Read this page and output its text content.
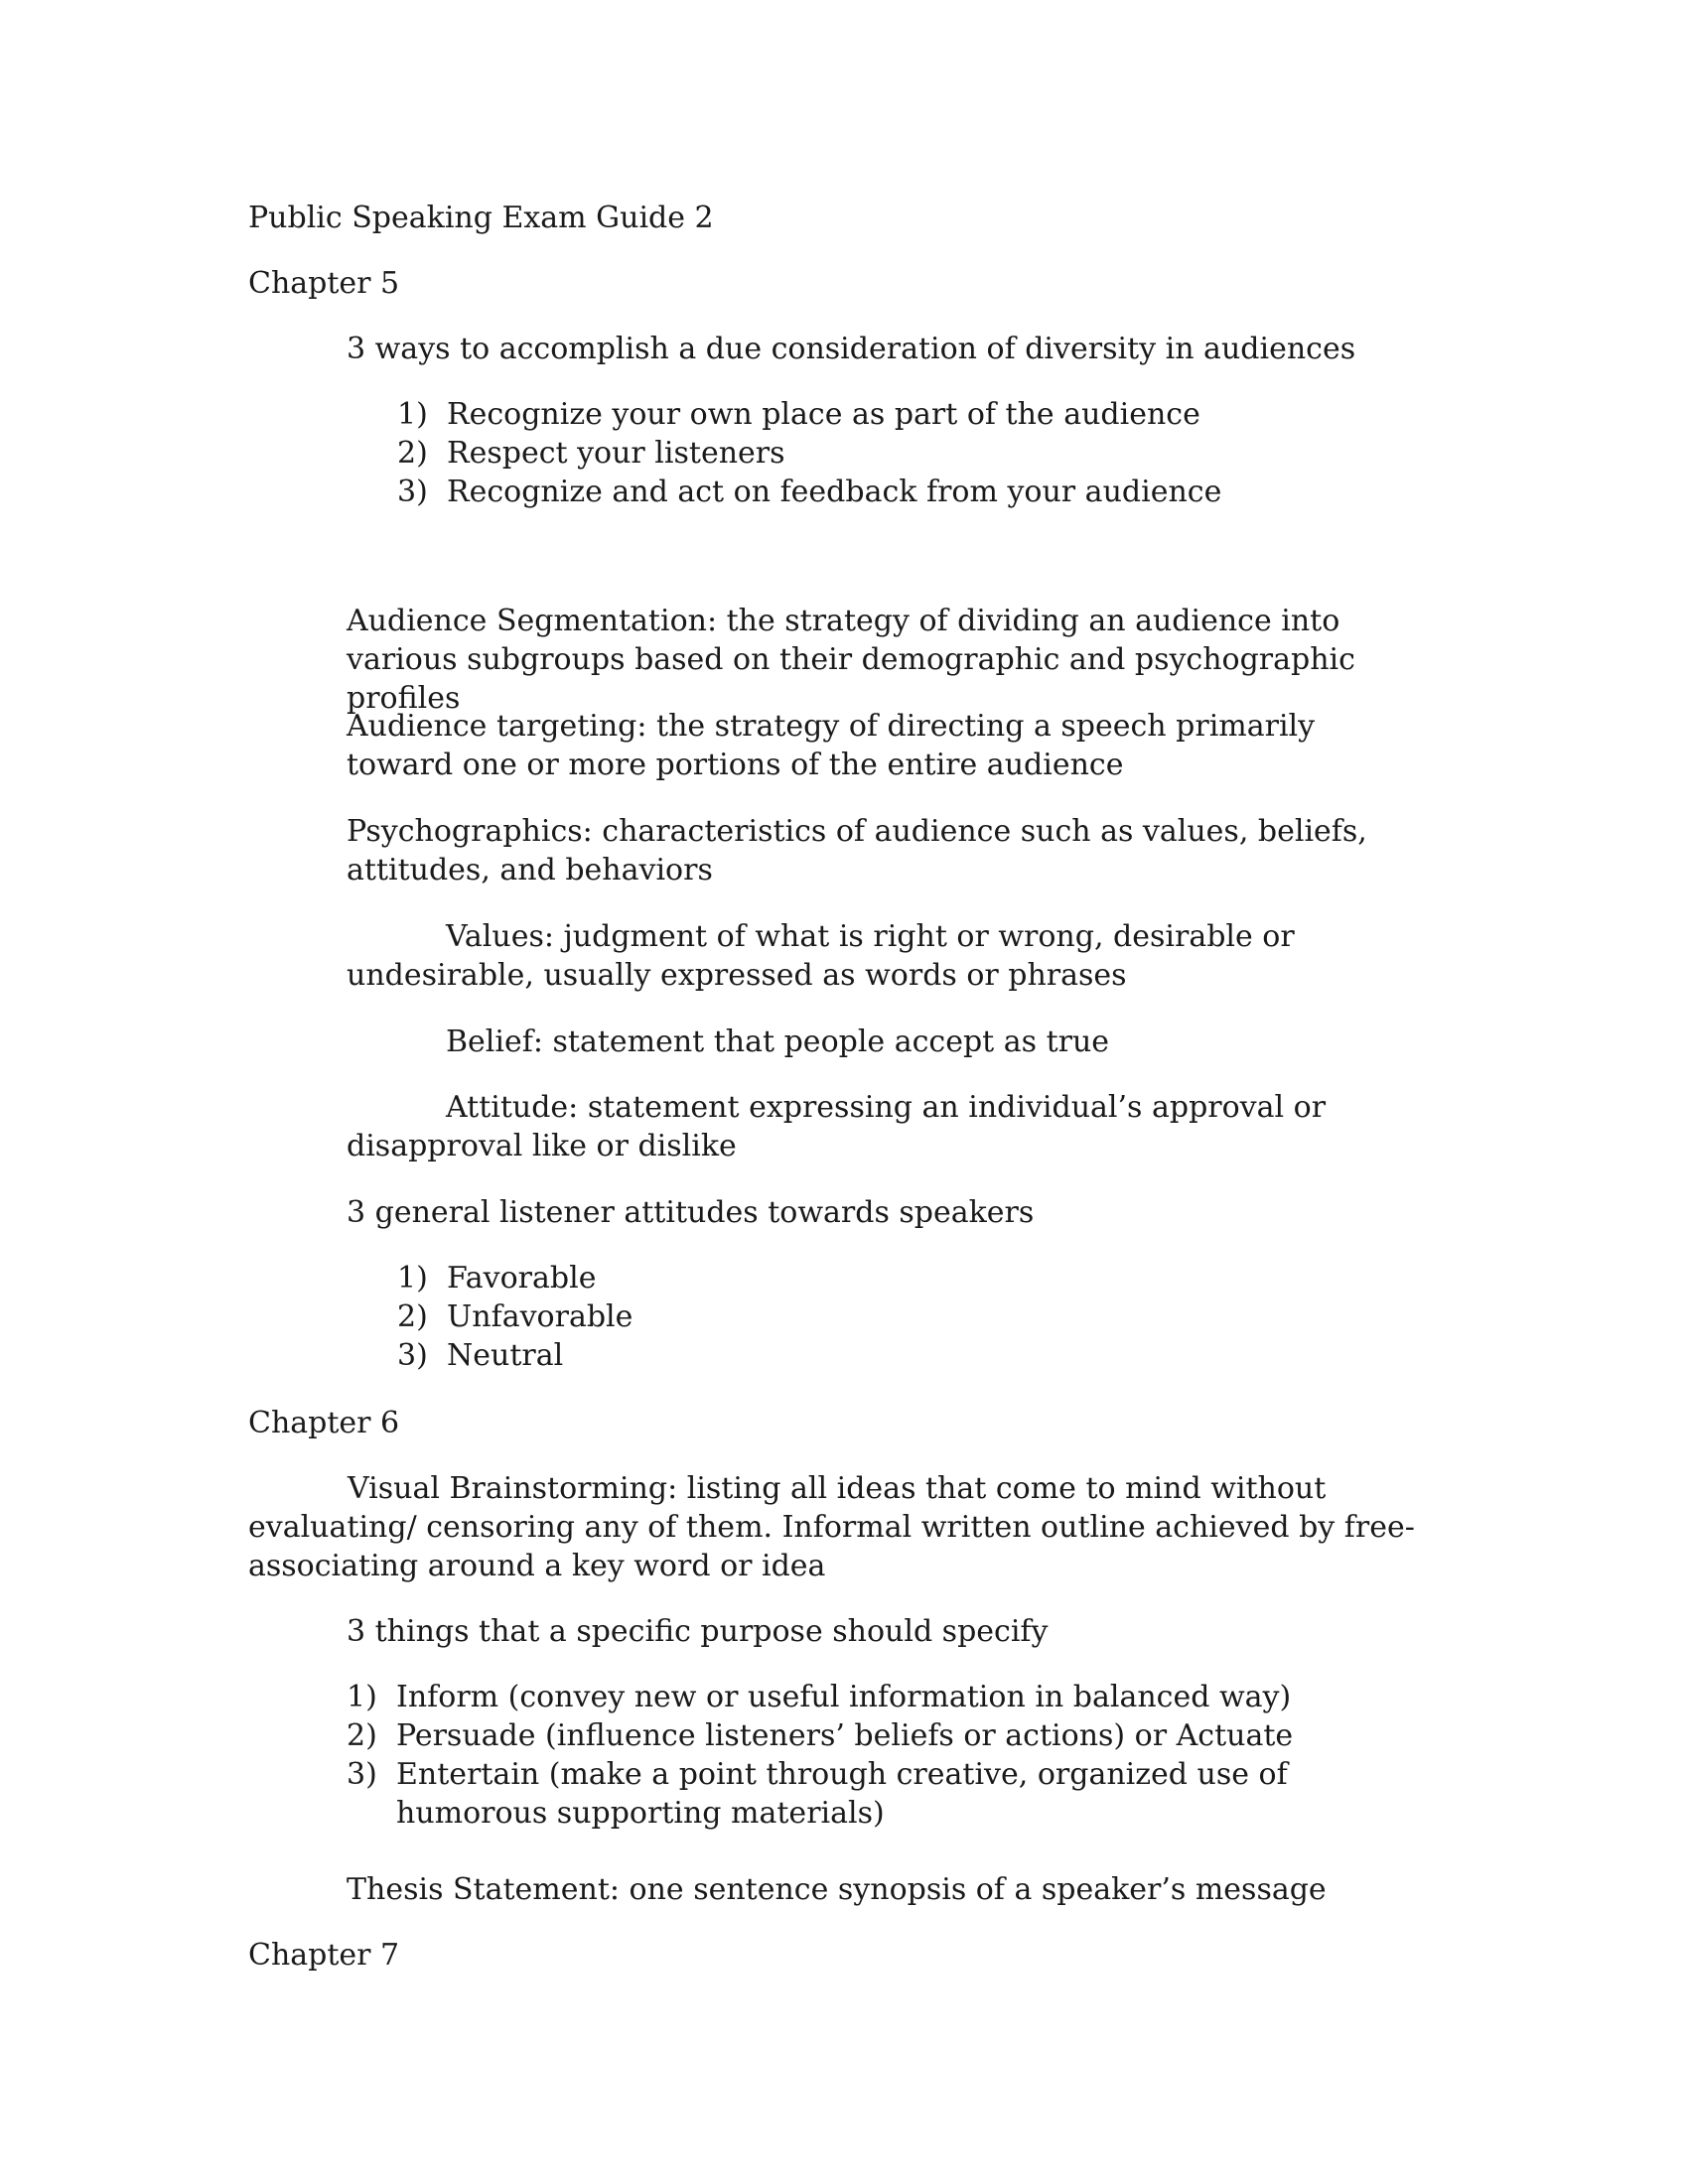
Public Speaking Exam Guide 2

Chapter 5

3 ways to accomplish a due consideration of diversity in audiences

1) Recognize your own place as part of the audience
2) Respect your listeners
3) Recognize and act on feedback from your audience

Audience Segmentation: the strategy of dividing an audience into various subgroups based on their demographic and psychographic profiles

Audience targeting: the strategy of directing a speech primarily toward one or more portions of the entire audience

Psychographics: characteristics of audience such as values, beliefs, attitudes, and behaviors

Values: judgment of what is right or wrong, desirable or undesirable, usually expressed as words or phrases

Belief: statement that people accept as true

Attitude: statement expressing an individual’s approval or disapproval like or dislike

3 general listener attitudes towards speakers

1) Favorable
2) Unfavorable
3) Neutral

Chapter 6

Visual Brainstorming: listing all ideas that come to mind without evaluating/ censoring any of them. Informal written outline achieved by free-associating around a key word or idea

3 things that a specific purpose should specify

1) Inform (convey new or useful information in balanced way)
2) Persuade (influence listeners’ beliefs or actions) or Actuate
3) Entertain (make a point through creative, organized use of humorous supporting materials)

Thesis Statement: one sentence synopsis of a speaker’s message

Chapter 7
